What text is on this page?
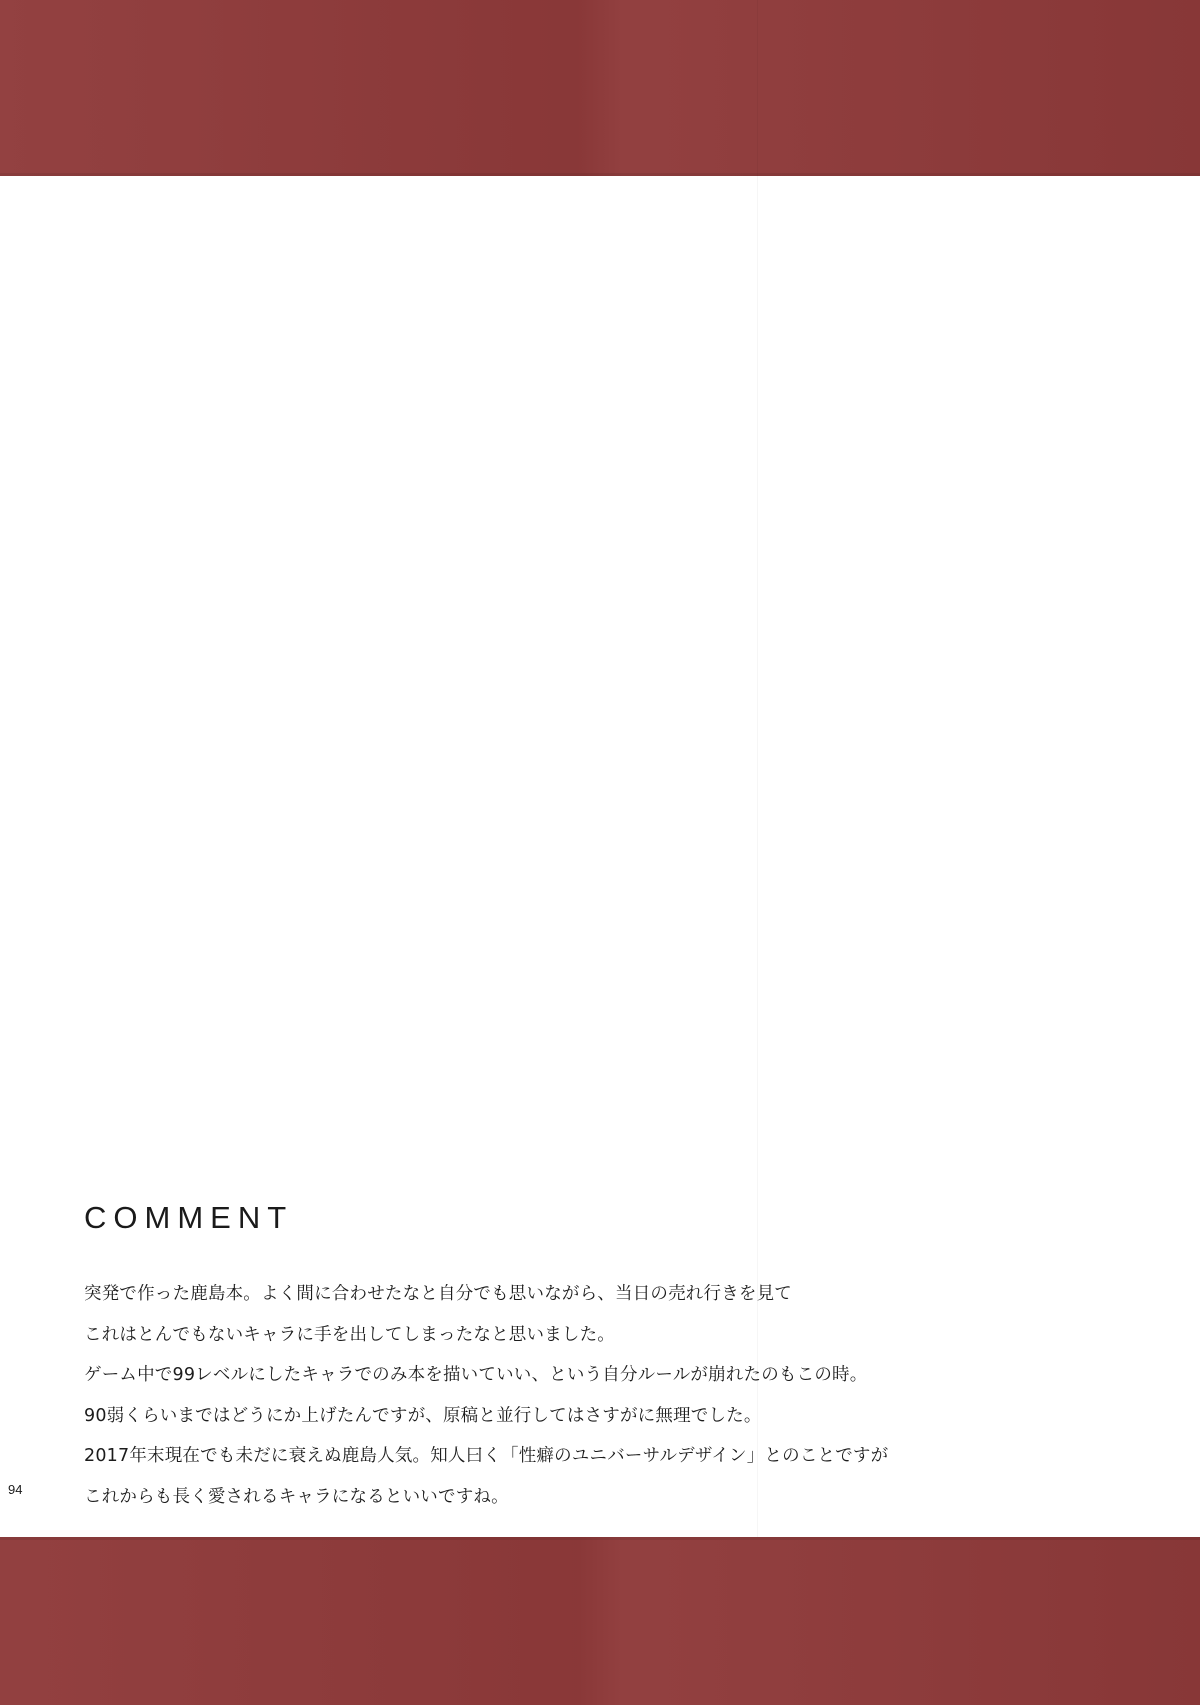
COMMENT
突発で作った鹿島本。よく間に合わせたなと自分でも思いながら、当日の売れ行きを見て
これはとんでもないキャラに手を出してしまったなと思いました。
ゲーム中で99レベルにしたキャラでのみ本を描いていい、という自分ルールが崩れたのもこの時。
90弱くらいまではどうにか上げたんですが、原稿と並行してはさすがに無理でした。
2017年末現在でも未だに衰えぬ鹿島人気。知人曰く「性癖のユニバーサルデザイン」とのことですが
これからも長く愛されるキャラになるといいですね。
94
